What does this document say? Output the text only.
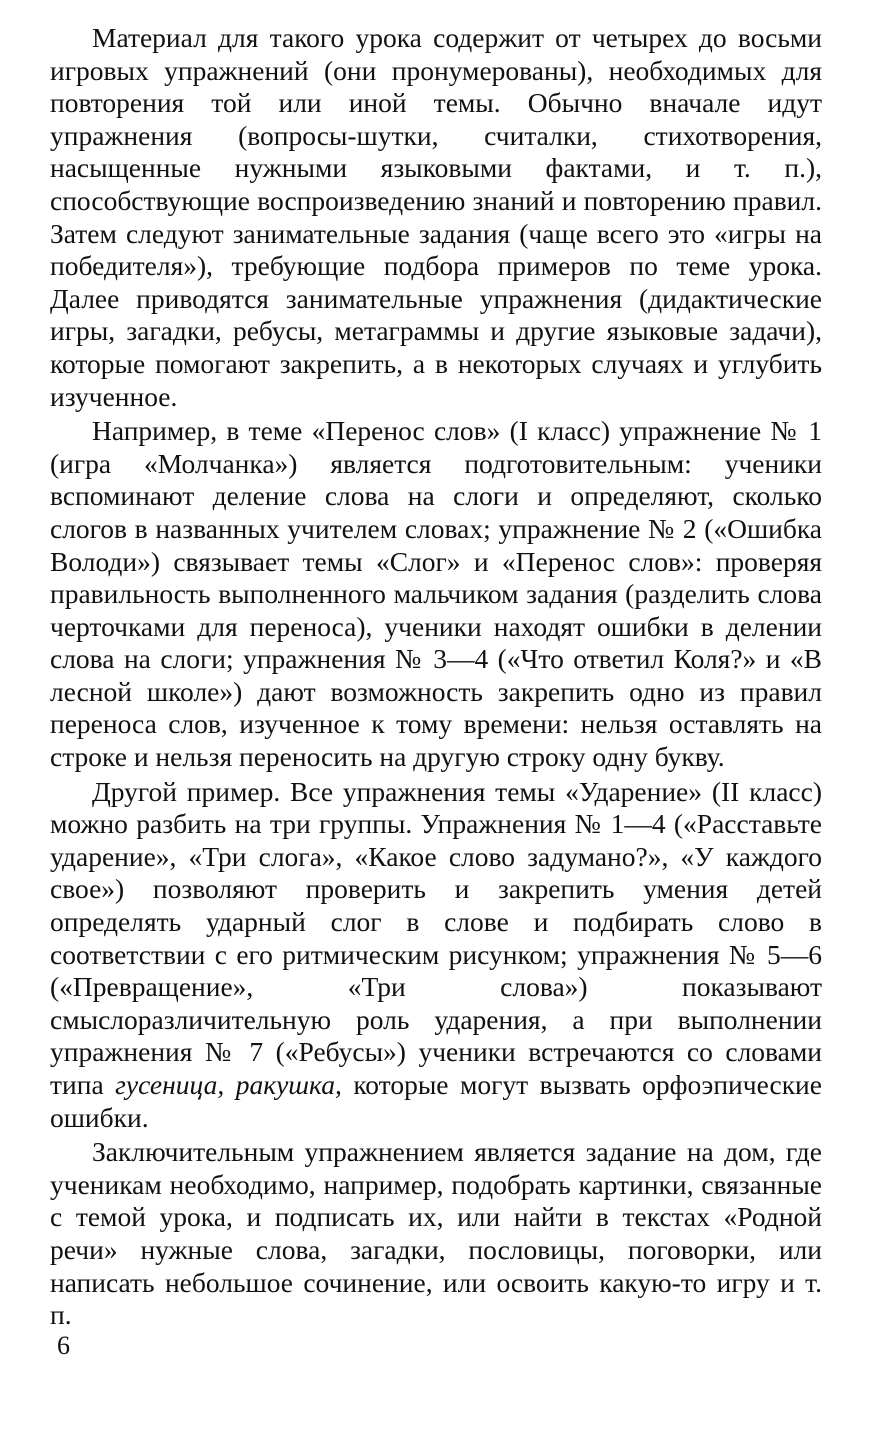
Материал для такого урока содержит от четырех до восьми игровых упражнений (они пронумерованы), необходимых для повторения той или иной темы. Обычно вначале идут упражнения (вопросы-шутки, считалки, стихотворения, насыщенные нужными языковыми фактами, и т. п.), способствующие воспроизведению знаний и повторению правил. Затем следуют занимательные задания (чаще всего это «игры на победителя»), требующие подбора примеров по теме урока. Далее приводятся занимательные упражнения (дидактические игры, загадки, ребусы, метаграммы и другие языковые задачи), которые помогают закрепить, а в некоторых случаях и углубить изученное.

Например, в теме «Перенос слов» (I класс) упражнение № 1 (игра «Молчанка») является подготовительным: ученики вспоминают деление слова на слоги и определяют, сколько слогов в названных учителем словах; упражнение № 2 («Ошибка Володи») связывает темы «Слог» и «Перенос слов»: проверяя правильность выполненного мальчиком задания (разделить слова черточками для переноса), ученики находят ошибки в делении слова на слоги; упражнения № 3—4 («Что ответил Коля?» и «В лесной школе») дают возможность закрепить одно из правил переноса слов, изученное к тому времени: нельзя оставлять на строке и нельзя переносить на другую строку одну букву.

Другой пример. Все упражнения темы «Ударение» (II класс) можно разбить на три группы. Упражнения № 1—4 («Расставьте ударение», «Три слога», «Какое слово задумано?», «У каждого свое») позволяют проверить и закрепить умения детей определять ударный слог в слове и подбирать слово в соответствии с его ритмическим рисунком; упражнения № 5—6 («Превращение», «Три слова») показывают смыслоразличительную роль ударения, а при выполнении упражнения № 7 («Ребусы») ученики встречаются со словами типа гусеница, ракушка, которые могут вызвать орфоэпические ошибки.

Заключительным упражнением является задание на дом, где ученикам необходимо, например, подобрать картинки, связанные с темой урока, и подписать их, или найти в текстах «Родной речи» нужные слова, загадки, пословицы, поговорки, или написать небольшое сочинение, или освоить какую-то игру и т. п.

6
